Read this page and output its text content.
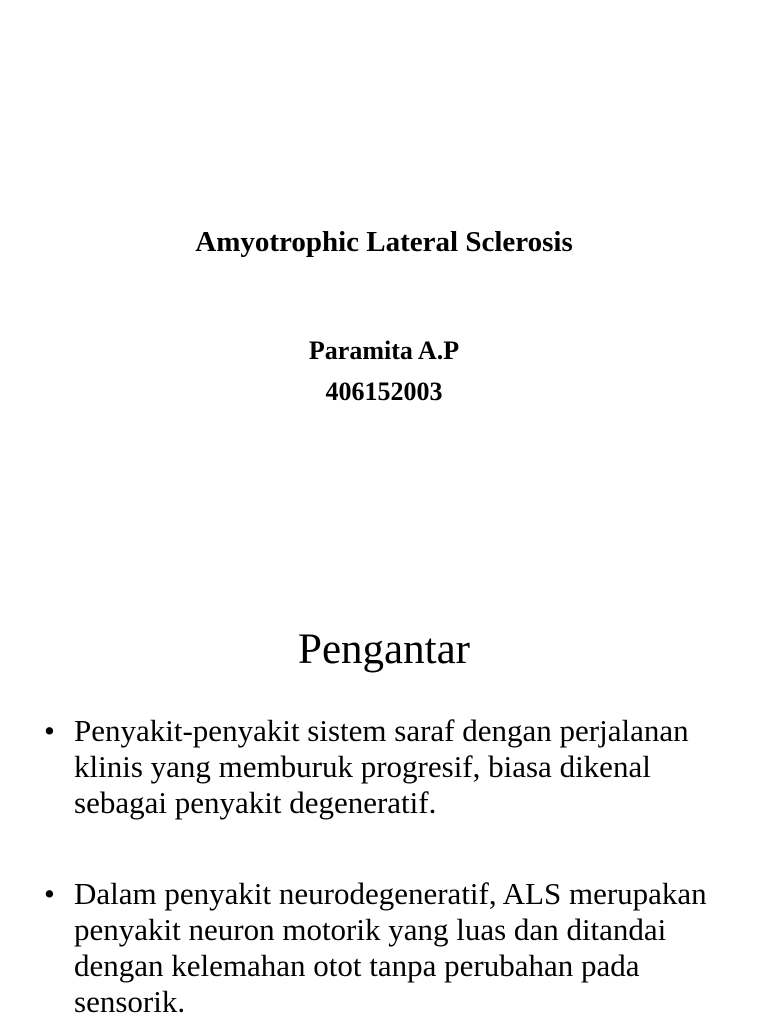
Amyotrophic Lateral Sclerosis
Paramita A.P
406152003
Pengantar
• Penyakit-penyakit sistem saraf dengan perjalanan klinis yang memburuk progresif, biasa dikenal sebagai penyakit degeneratif.
• Dalam penyakit neurodegeneratif, ALS merupakan penyakit neuron motorik yang luas dan ditandai dengan kelemahan otot tanpa perubahan pada sensorik.
